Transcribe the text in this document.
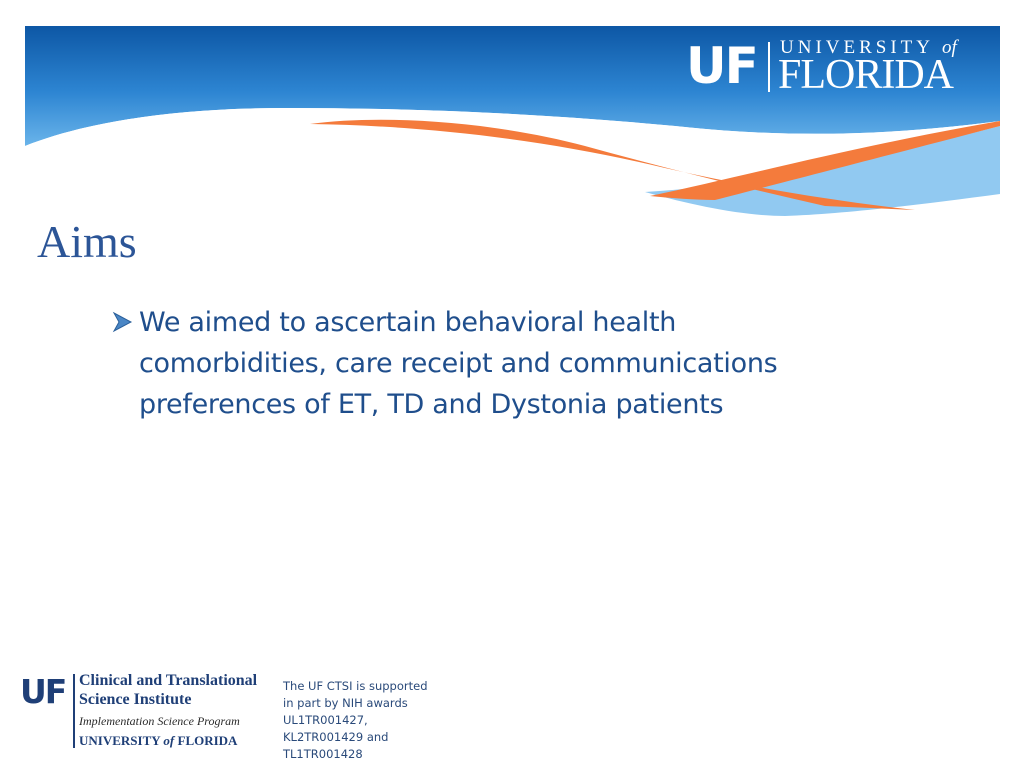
UF UNIVERSITY of
FLORIDA
Aims
We aimed to ascertain behavioral health
comorbidities, care receipt and communications
preferences of ET, TD and Dystonia patients
UF Clinical and Translational
Science Institute
Implementation Science Program
UNIVERSITY of FLORIDA

The UF CTSI is supported
in part by NIH awards
UL1TR001427,
KL2TR001429 and
TL1TR001428
